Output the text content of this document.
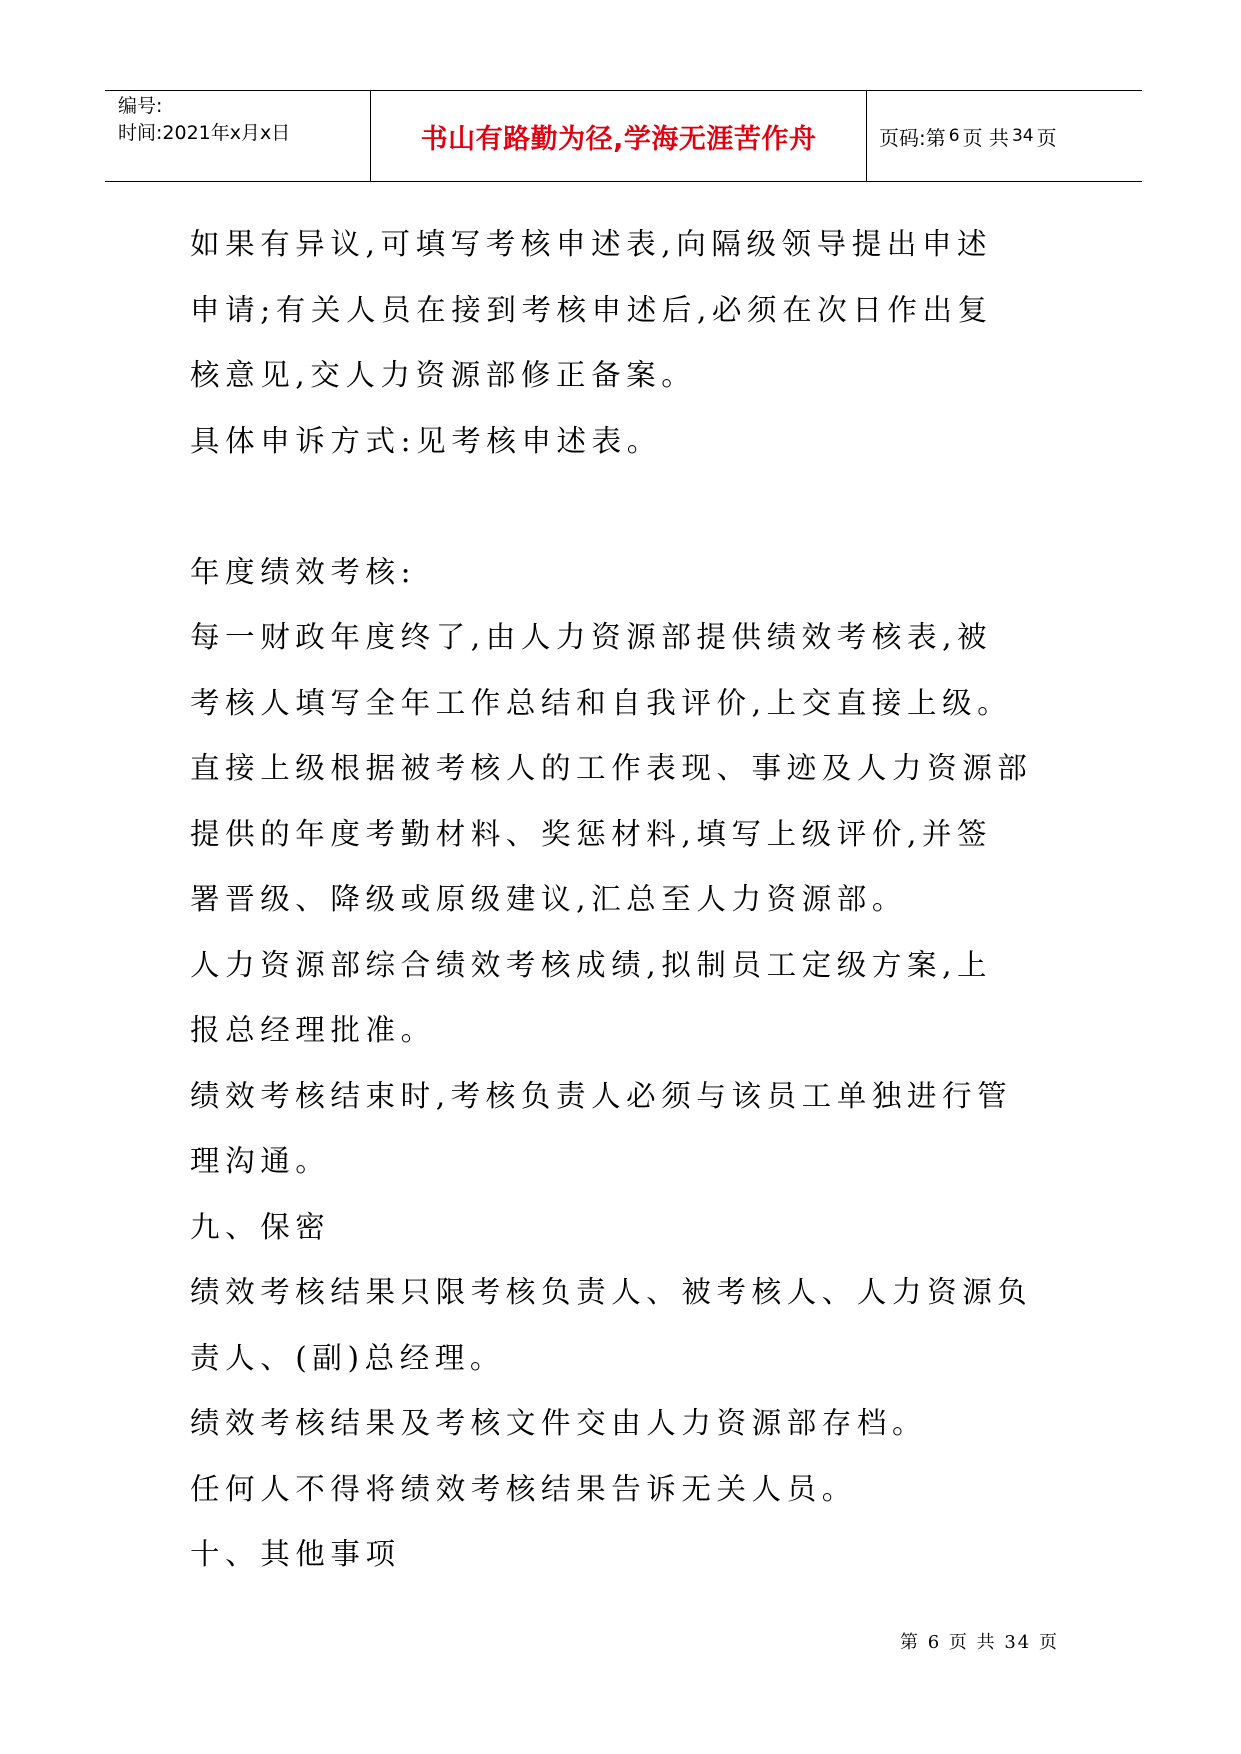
编号:
时间:2021年x月x日	书山有路勤为径,学海无涯苦作舟	页码:第 6 页 共 34 页
如果有异议,可填写考核申述表,向隔级领导提出申述
申请;有关人员在接到考核申述后,必须在次日作出复
核意见,交人力资源部修正备案。
具体申诉方式:见考核申述表。
年度绩效考核:
每一财政年度终了,由人力资源部提供绩效考核表,被
考核人填写全年工作总结和自我评价,上交直接上级。
直接上级根据被考核人的工作表现、事迹及人力资源部
提供的年度考勤材料、奖惩材料,填写上级评价,并签
署晋级、降级或原级建议,汇总至人力资源部。
人力资源部综合绩效考核成绩,拟制员工定级方案,上
报总经理批准。
绩效考核结束时,考核负责人必须与该员工单独进行管
理沟通。
九、保密
绩效考核结果只限考核负责人、被考核人、人力资源负
责人、(副)总经理。
绩效考核结果及考核文件交由人力资源部存档。
任何人不得将绩效考核结果告诉无关人员。
十、其他事项
第 6 页 共 34 页
